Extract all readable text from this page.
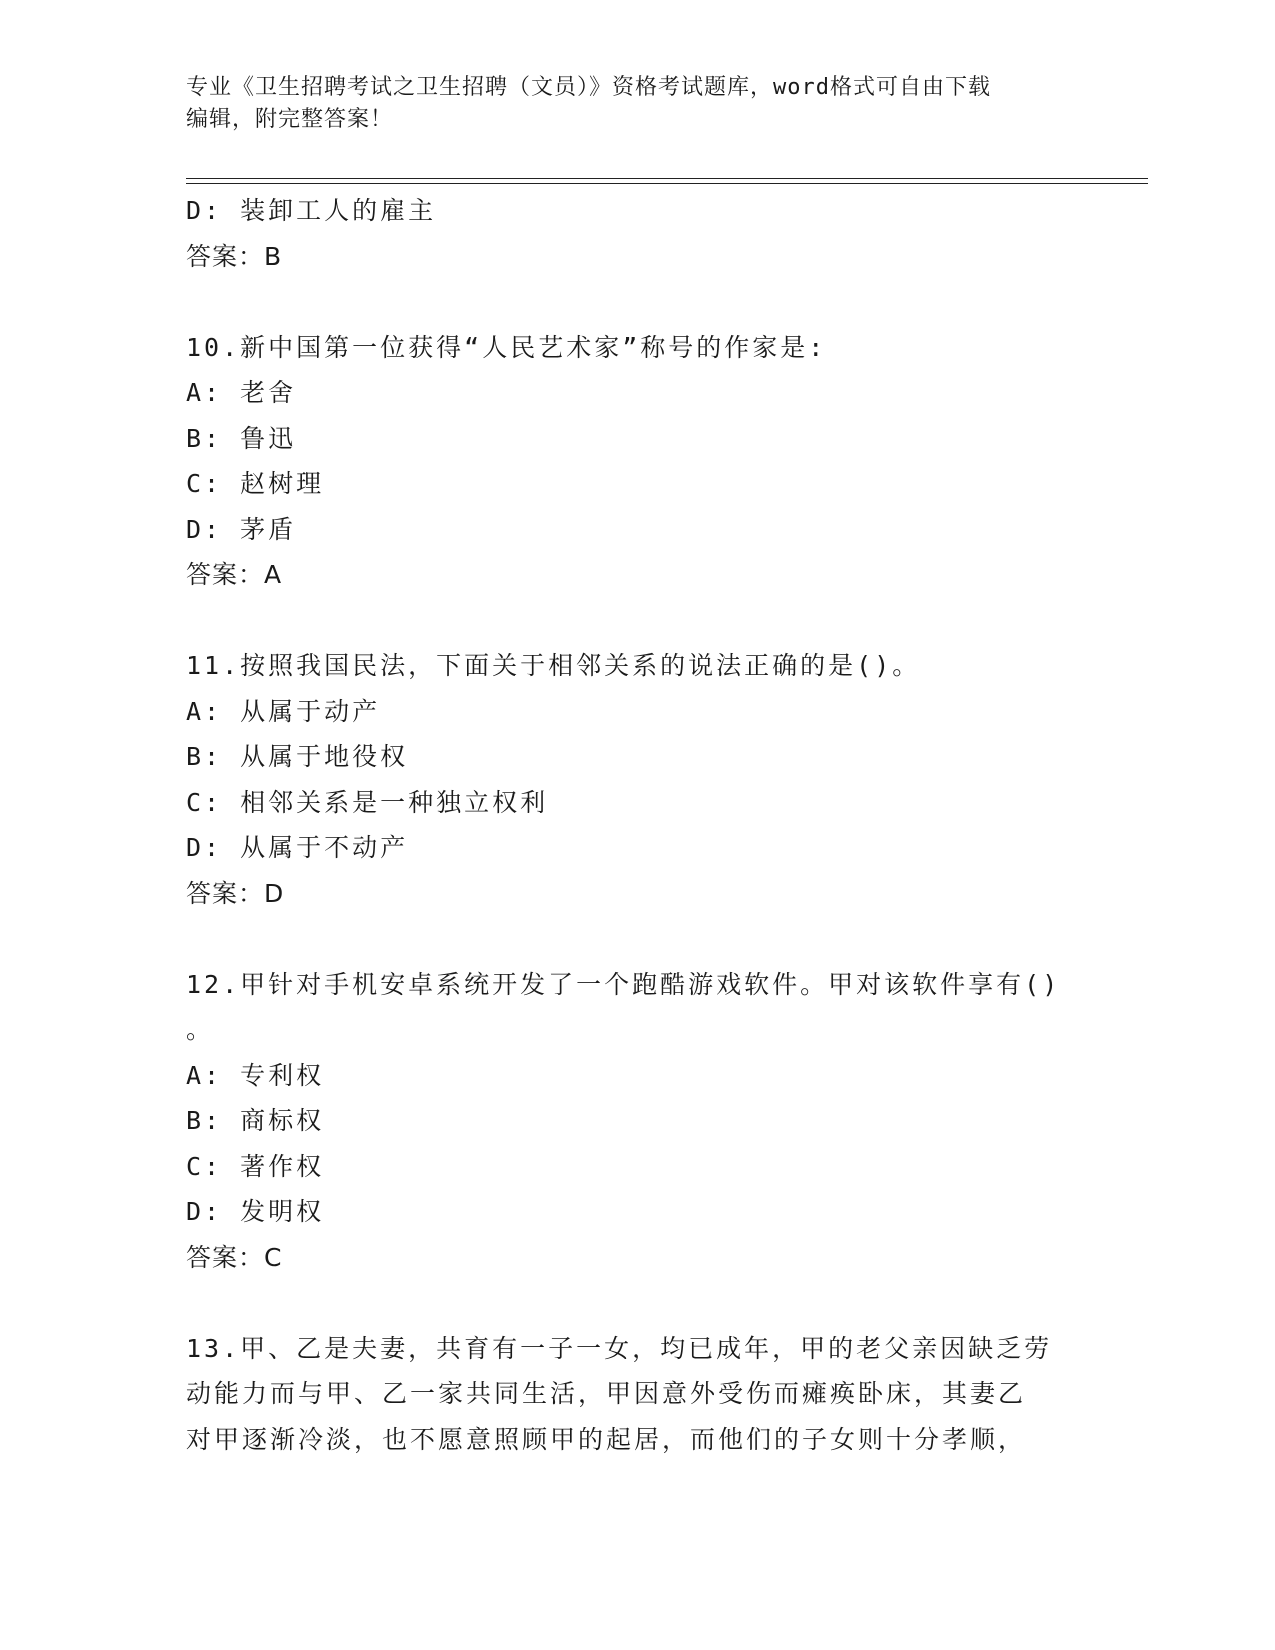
专业《卫生招聘考试之卫生招聘（文员）》资格考试题库，word格式可自由下载
编辑，附完整答案！
D: 装卸工人的雇主
答案：B
10.新中国第一位获得“人民艺术家”称号的作家是:
A: 老舍
B: 鲁迅
C: 赵树理
D: 茅盾
答案：A
11.按照我国民法，下面关于相邻关系的说法正确的是()。
A: 从属于动产
B: 从属于地役权
C: 相邻关系是一种独立权利
D: 从属于不动产
答案：D
12.甲针对手机安卓系统开发了一个跑酷游戏软件。甲对该软件享有()
。
A: 专利权
B: 商标权
C: 著作权
D: 发明权
答案：C
13.甲、乙是夫妻，共育有一子一女，均已成年，甲的老父亲因缺乏劳
动能力而与甲、乙一家共同生活，甲因意外受伤而瘫痪卧床，其妻乙
对甲逐渐冷淡，也不愿意照顾甲的起居，而他们的子女则十分孝顺，
